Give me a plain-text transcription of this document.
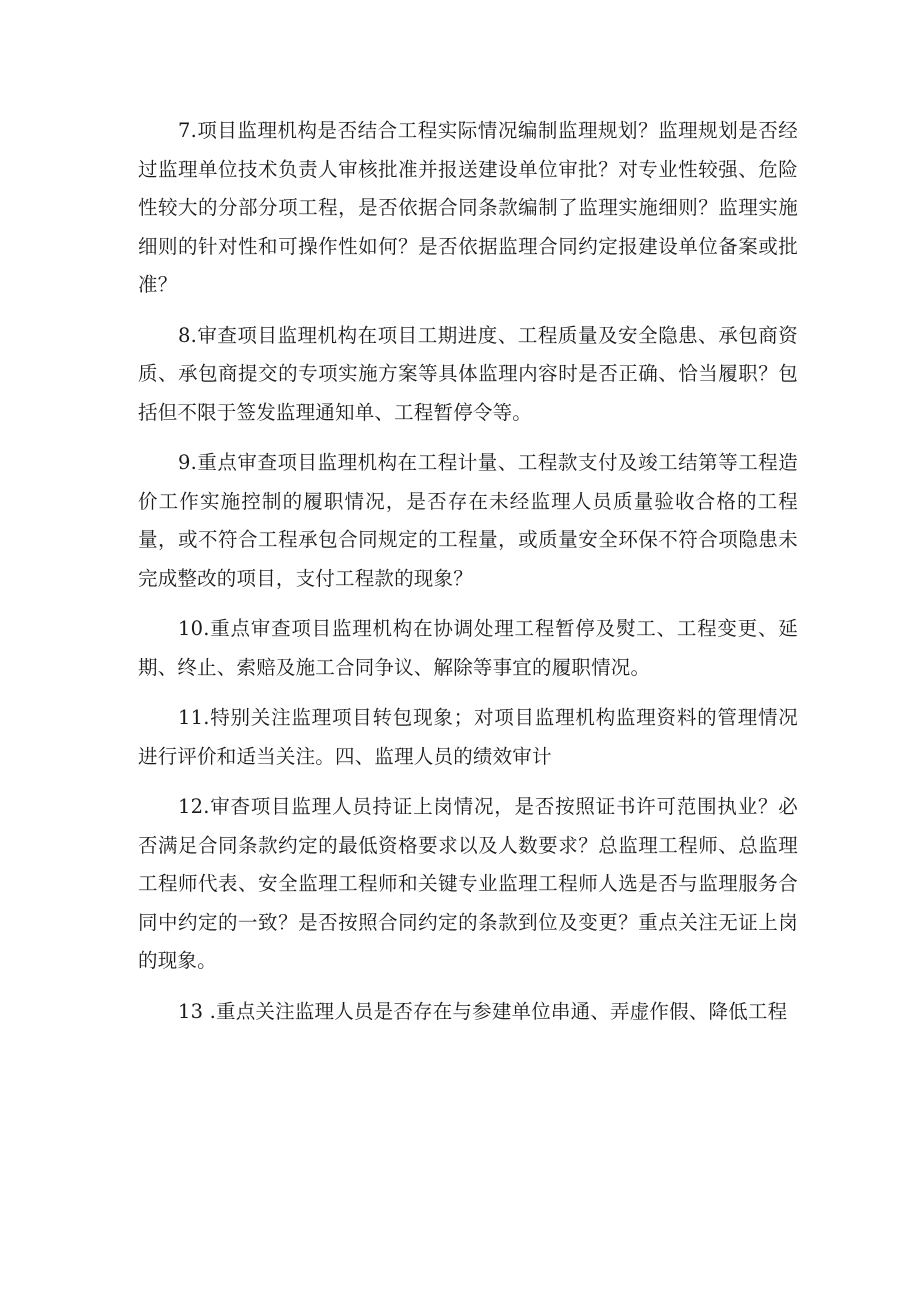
7.项目监理机构是否结合工程实际情况编制监理规划？监理规划是否经过监理单位技术负责人审核批准并报送建设单位审批？对专业性较强、危险性较大的分部分项工程，是否依据合同条款编制了监理实施细则？监理实施细则的针对性和可操作性如何？是否依据监理合同约定报建设单位备案或批准？

8.审查项目监理机构在项目工期进度、工程质量及安全隐患、承包商资质、承包商提交的专项实施方案等具体监理内容时是否正确、恰当履职？包括但不限于签发监理通知单、工程暂停令等。

9.重点审查项目监理机构在工程计量、工程款支付及竣工结第等工程造价工作实施控制的履职情况，是否存在未经监理人员质量验收合格的工程量，或不符合工程承包合同规定的工程量，或质量安全环保不符合项隐患未完成整改的项目，支付工程款的现象？

10.重点审查项目监理机构在协调处理工程暂停及熨工、工程变更、延期、终止、索赔及施工合同争议、解除等事宜的履职情况。

11.特别关注监理项目转包现象；对项目监理机构监理资料的管理情况进行评价和适当关注。四、监理人员的绩效审计

12.审杳项目监理人员持证上岗情况，是否按照证书许可范围执业？必否满足合同条款约定的最低资格要求以及人数要求？总监理工程师、总监理工程师代表、安全监理工程师和关键专业监理工程师人选是否与监理服务合同中约定的一致？是否按照合同约定的条款到位及变更？重点关注无证上岗的现象。

13 .重点关注监理人员是否存在与参建单位串通、弄虚作假、降低工程
